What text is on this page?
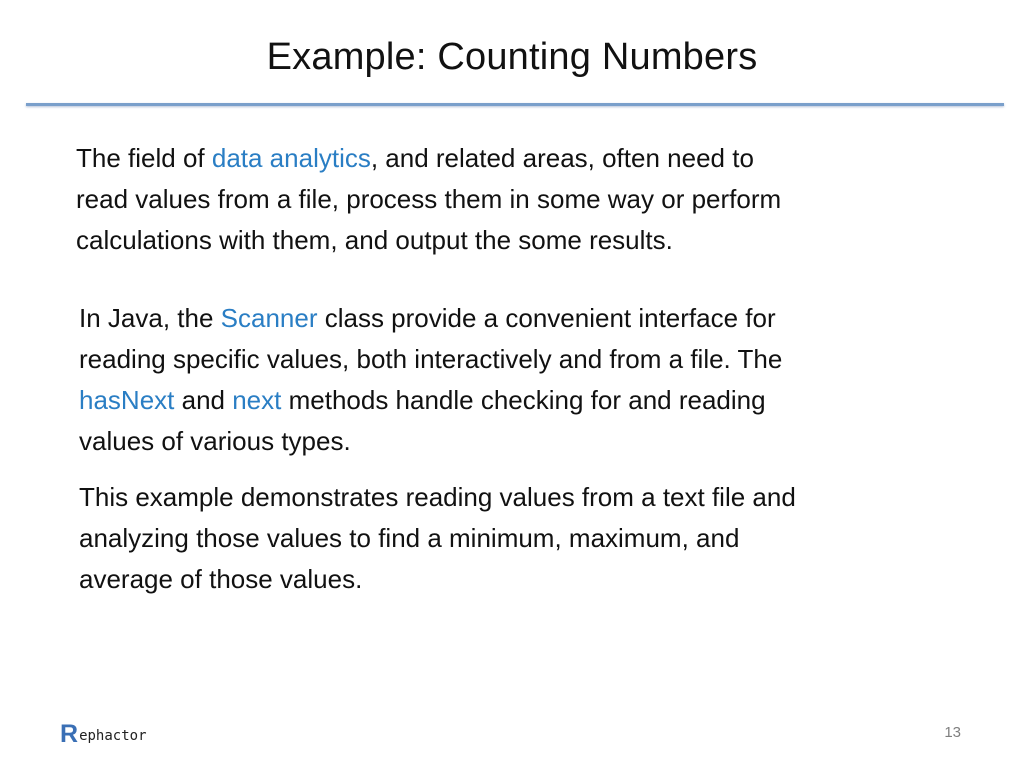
Example: Counting Numbers
The field of data analytics, and related areas, often need to
read values from a file, process them in some way or perform
calculations with them, and output the some results.
In Java, the Scanner class provide a convenient interface for
reading specific values, both interactively and from a file. The
hasNext and next methods handle checking for and reading
values of various types.
This example demonstrates reading values from a text file and
analyzing those values to find a minimum, maximum, and
average of those values.
R ephactor	13
